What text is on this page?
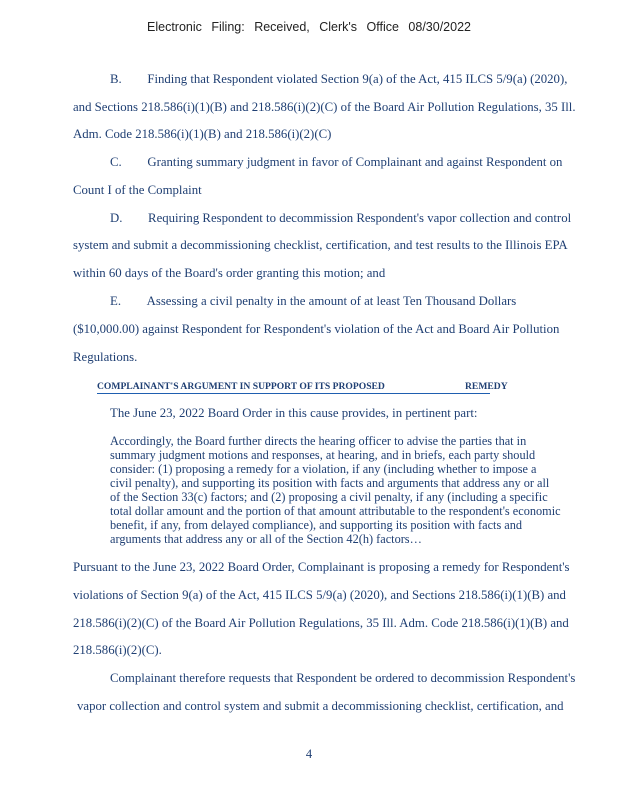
Electronic Filing: Received, Clerk's Office 08/30/2022
B.  Finding that Respondent violated Section 9(a) of the Act, 415 ILCS 5/9(a) (2020),
and Sections 218.586(i)(1)(B) and 218.586(i)(2)(C) of the Board Air Pollution Regulations, 35 Ill.
Adm. Code 218.586(i)(1)(B) and 218.586(i)(2)(C)
C.  Granting summary judgment in favor of Complainant and against Respondent on
Count I of the Complaint
D.  Requiring Respondent to decommission Respondent's vapor collection and control
system and submit a decommissioning checklist, certification, and test results to the Illinois EPA
within 60 days of the Board's order granting this motion; and
E.  Assessing a civil penalty in the amount of at least Ten Thousand Dollars
($10,000.00) against Respondent for Respondent's violation of the Act and Board Air Pollution
Regulations.
The June 23, 2022 Board Order in this cause provides, in pertinent part:
Accordingly, the Board further directs the hearing officer to advise the parties that in
summary judgment motions and responses, at hearing, and in briefs, each party should
consider: (1) proposing a remedy for a violation, if any (including whether to impose a
civil penalty), and supporting its position with facts and arguments that address any or all
of the Section 33(c) factors; and (2) proposing a civil penalty, if any (including a specific
total dollar amount and the portion of that amount attributable to the respondent's economic
benefit, if any, from delayed compliance), and supporting its position with facts and
arguments that address any or all of the Section 42(h) factors…
Pursuant to the June 23, 2022 Board Order, Complainant is proposing a remedy for Respondent's
violations of Section 9(a) of the Act, 415 ILCS 5/9(a) (2020), and Sections 218.586(i)(1)(B) and
218.586(i)(2)(C) of the Board Air Pollution Regulations, 35 Ill. Adm. Code 218.586(i)(1)(B) and
218.586(i)(2)(C).
Complainant therefore requests that Respondent be ordered to decommission Respondent's
vapor collection and control system and submit a decommissioning checklist, certification, and
COMPLAINANT'S ARGUMENT IN SUPPORT OF ITS PROPOSED	REMEDY
4
